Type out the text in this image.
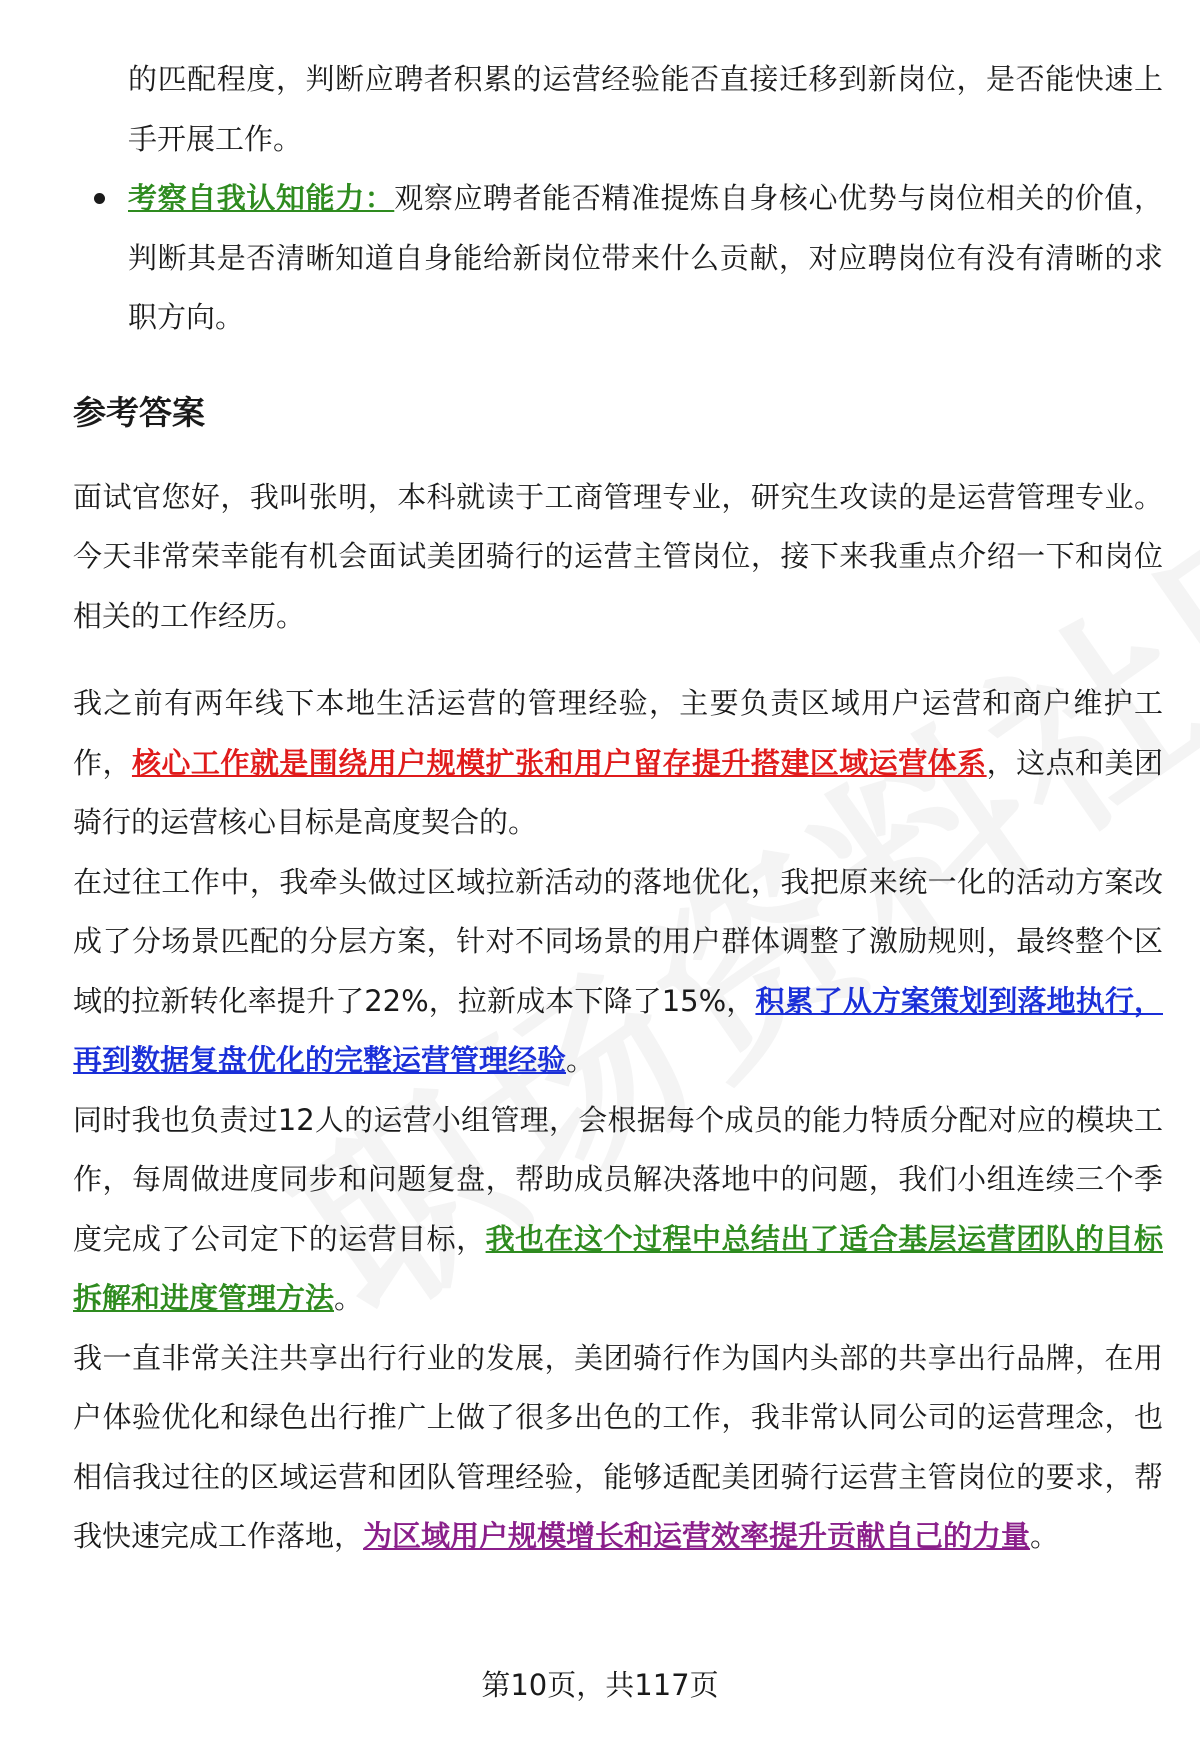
的匹配程度，判断应聘者积累的运营经验能否直接迁移到新岗位，是否能快速上手开展工作。

考察自我认知能力：观察应聘者能否精准提炼自身核心优势与岗位相关的价值，判断其是否清晰知道自身能给新岗位带来什么贡献，对应聘岗位有没有清晰的求职方向。

参考答案

面试官您好，我叫张明，本科就读于工商管理专业，研究生攻读的是运营管理专业。今天非常荣幸能有机会面试美团骑行的运营主管岗位，接下来我重点介绍一下和岗位相关的工作经历。

我之前有两年线下本地生活运营的管理经验，主要负责区域用户运营和商户维护工作，核心工作就是围绕用户规模扩张和用户留存提升搭建区域运营体系，这点和美团骑行的运营核心目标是高度契合的。

在过往工作中，我牵头做过区域拉新活动的落地优化，我把原来统一化的活动方案改成了分场景匹配的分层方案，针对不同场景的用户群体调整了激励规则，最终整个区域的拉新转化率提升了22%，拉新成本下降了15%，积累了从方案策划到落地执行，再到数据复盘优化的完整运营管理经验。

同时我也负责过12人的运营小组管理，会根据每个成员的能力特质分配对应的模块工作，每周做进度同步和问题复盘，帮助成员解决落地中的问题，我们小组连续三个季度完成了公司定下的运营目标，我也在这个过程中总结出了适合基层运营团队的目标拆解和进度管理方法。

我一直非常关注共享出行行业的发展，美团骑行作为国内头部的共享出行品牌，在用户体验优化和绿色出行推广上做了很多出色的工作，我非常认同公司的运营理念，也相信我过往的区域运营和团队管理经验，能够适配美团骑行运营主管岗位的要求，帮我快速完成工作落地，为区域用户规模增长和运营效率提升贡献自己的力量。

第10页，共117页
